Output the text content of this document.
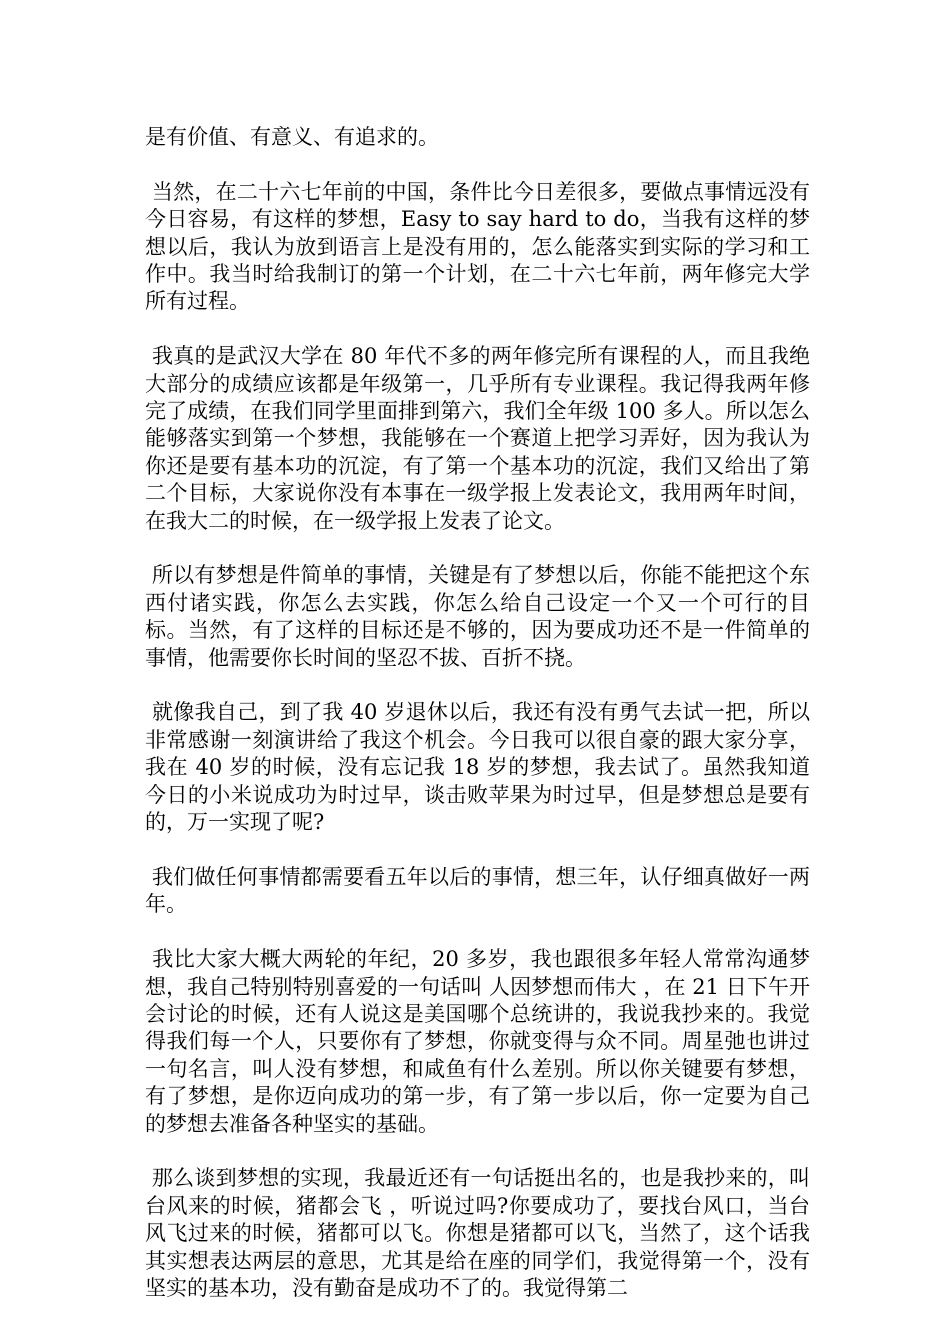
是有价值、有意义、有追求的。

当然，在二十六七年前的中国，条件比今日差很多，要做点事情远没有今日容易，有这样的梦想，Easy to say hard to do，当我有这样的梦想以后，我认为放到语言上是没有用的，怎么能落实到实际的学习和工作中。我当时给我制订的第一个计划，在二十六七年前，两年修完大学所有过程。

我真的是武汉大学在 80 年代不多的两年修完所有课程的人，而且我绝大部分的成绩应该都是年级第一，几乎所有专业课程。我记得我两年修完了成绩，在我们同学里面排到第六，我们全年级 100 多人。所以怎么能够落实到第一个梦想，我能够在一个赛道上把学习弄好，因为我认为你还是要有基本功的沉淀，有了第一个基本功的沉淀，我们又给出了第二个目标，大家说你没有本事在一级学报上发表论文，我用两年时间，在我大二的时候，在一级学报上发表了论文。

所以有梦想是件简单的事情，关键是有了梦想以后，你能不能把这个东西付诸实践，你怎么去实践，你怎么给自己设定一个又一个可行的目标。当然，有了这样的目标还是不够的，因为要成功还不是一件简单的事情，他需要你长时间的坚忍不拔、百折不挠。

就像我自己，到了我 40 岁退休以后，我还有没有勇气去试一把，所以非常感谢一刻演讲给了我这个机会。今日我可以很自豪的跟大家分享，我在 40 岁的时候，没有忘记我 18 岁的梦想，我去试了。虽然我知道今日的小米说成功为时过早，谈击败苹果为时过早，但是梦想总是要有的，万一实现了呢?

我们做任何事情都需要看五年以后的事情，想三年，认仔细真做好一两年。

我比大家大概大两轮的年纪，20 多岁，我也跟很多年轻人常常沟通梦想，我自己特别特别喜爱的一句话叫 人因梦想而伟大 ，在 21 日下午开会讨论的时候，还有人说这是美国哪个总统讲的，我说我抄来的。我觉得我们每一个人，只要你有了梦想，你就变得与众不同。周星弛也讲过一句名言，叫人没有梦想，和咸鱼有什么差别。所以你关键要有梦想，有了梦想，是你迈向成功的第一步，有了第一步以后，你一定要为自己的梦想去准备各种坚实的基础。

那么谈到梦想的实现，我最近还有一句话挺出名的，也是我抄来的，叫 台风来的时候，猪都会飞 ，听说过吗?你要成功了，要找台风口，当台风飞过来的时候，猪都可以飞。你想是猪都可以飞，当然了，这个话我其实想表达两层的意思，尤其是给在座的同学们，我觉得第一个，没有坚实的基本功，没有勤奋是成功不了的。我觉得第二
